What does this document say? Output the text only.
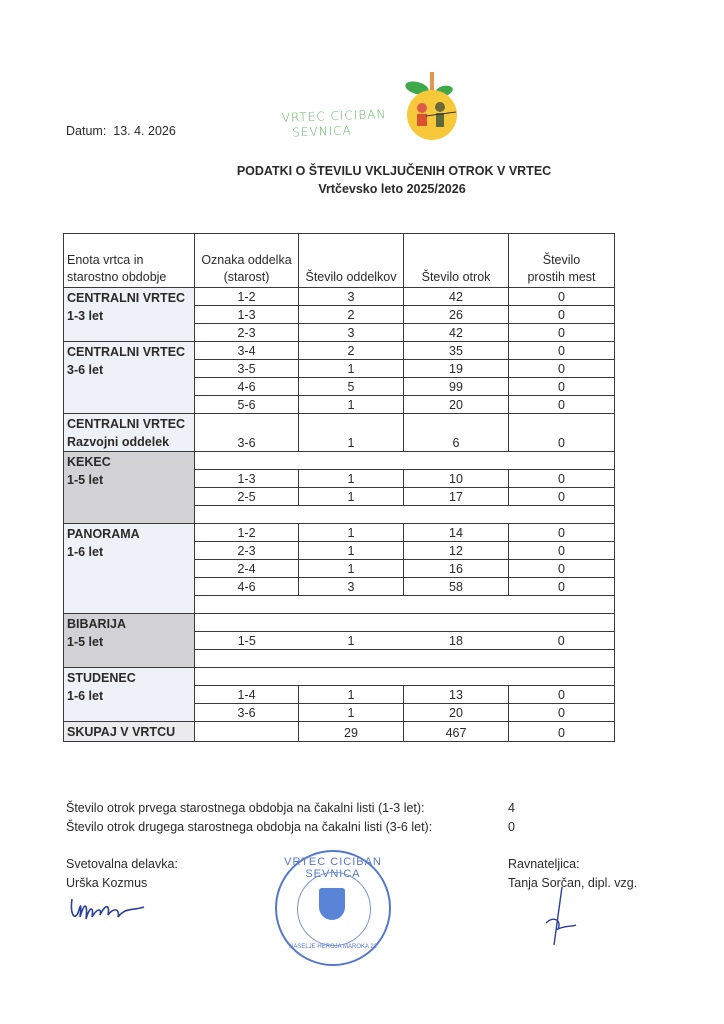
Datum: 13. 4. 2026
VRTEC CICIBAN
SEVNICA
PODATKI O ŠTEVILU VKLJUČENIH OTROK V VRTEC
Vrtčevsko leto 2025/2026
Enota vrtca in
starostno obdobje	Oznaka oddelka
(starost)	Število oddelkov	Število otrok	Število
prostih mest
CENTRALNI VRTEC
1-3 let	1-2	3	42	0
	1-3	2	26	0
	2-3	3	42	0
CENTRALNI VRTEC
3-6 let	3-4	2	35	0
	3-5	1	19	0
	4-6	5	99	0
	5-6	1	20	0
CENTRALNI VRTEC
Razvojni oddelek	3-6	1	6	0
KEKEC
1-5 let				
	1-3	1	10	0
	2-5	1	17	0

PANORAMA
1-6 let	1-2	1	14	0
	2-3	1	12	0
	2-4	1	16	0
	4-6	3	58	0

BIBARIJA
1-5 let				
	1-5	1	18	0

STUDENEC
1-6 let				
	1-4	1	13	0
	3-6	1	20	0
SKUPAJ V VRTCU		29	467	0
Število otrok prvega starostnega obdobja na čakalni listi (1-3 let):	4
Število otrok drugega starostnega obdobja na čakalni listi (3-6 let):	0
Svetovalna delavka:
Urška Kozmus
VRTEC CICIBAN SEVNICA
NASELJE HEROJA MAROKA 22
Ravnateljica:
Tanja Sorčan, dipl. vzg.
